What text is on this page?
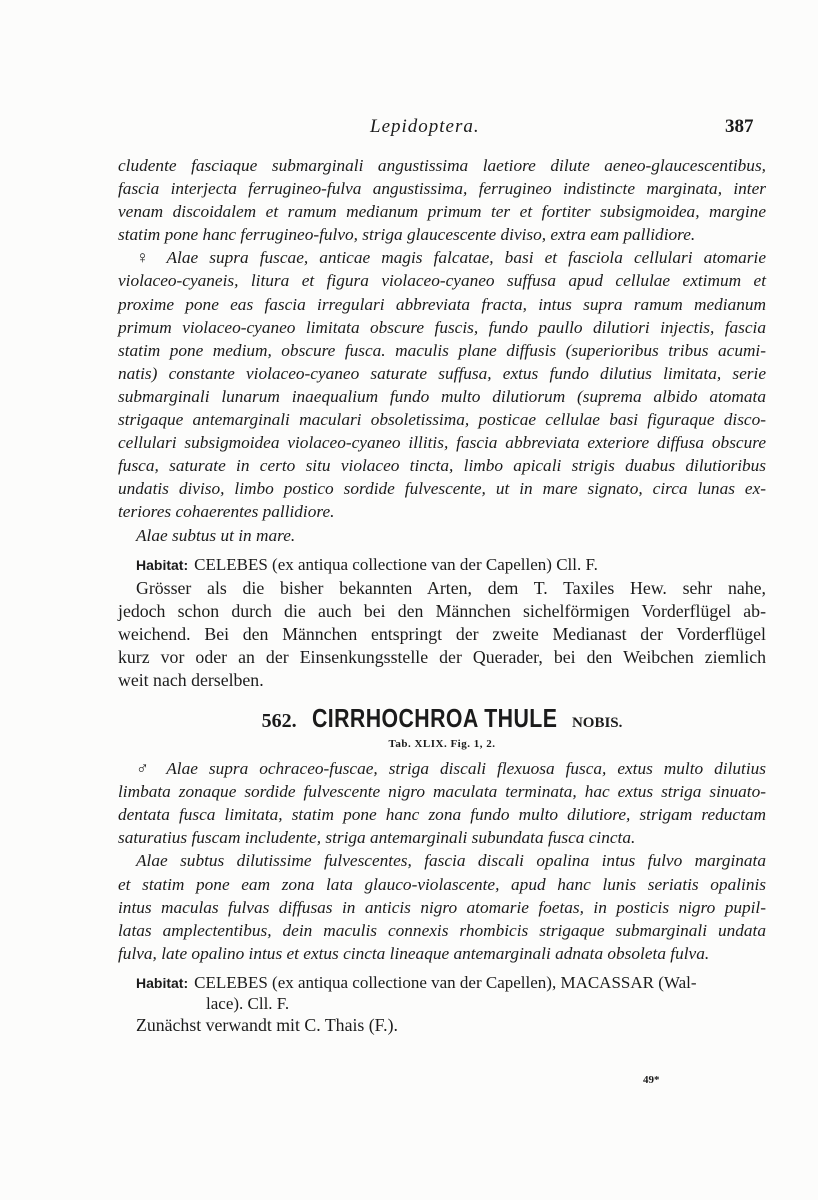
Lepidoptera.	387
cludente fasciaque submarginali angustissima laetiore dilute aeneo-glaucescentibus,
fascia interjecta ferrugineo-fulva angustissima, ferrugineo indistincte marginata, inter
venam discoidalem et ramum medianum primum ter et fortiter subsigmoidea, margine
statim pone hanc ferrugineo-fulvo, striga glaucescente diviso, extra eam pallidiore.
♀ Alae supra fuscae, anticae magis falcatae, basi et fasciola cellulari atomarie
violaceo-cyaneis, litura et figura violaceo-cyaneo suffusa apud cellulae extimum et
proxime pone eas fascia irregulari abbreviata fracta, intus supra ramum medianum
primum violaceo-cyaneo limitata obscure fuscis, fundo paullo dilutiori injectis, fascia
statim pone medium, obscure fusca. maculis plane diffusis (superioribus tribus acumi-
natis) constante violaceo-cyaneo saturate suffusa, extus fundo dilutius limitata, serie
submarginali lunarum inaequalium fundo multo dilutiorum (suprema albido atomata
strigaque antemarginali maculari obsoletissima, posticae cellulae basi figuraque disco-
cellulari subsigmoidea violaceo-cyaneo illitis, fascia abbreviata exteriore diffusa obscure
fusca, saturate in certo situ violaceo tincta, limbo apicali strigis duabus dilutioribus
undatis diviso, limbo postico sordide fulvescente, ut in mare signato, circa lunas ex-
teriores cohaerentes pallidiore.
Alae subtus ut in mare.
Habitat: CELEBES (ex antiqua collectione van der Capellen) Cll. F.
Grösser als die bisher bekannten Arten, dem T. Taxiles Hew. sehr nahe,
jedoch schon durch die auch bei den Männchen sichelförmigen Vorderflügel ab-
weichend. Bei den Männchen entspringt der zweite Medianast der Vorderflügel
kurz vor oder an der Einsenkungsstelle der Querader, bei den Weibchen ziemlich
weit nach derselben.
562. CIRRHOCHROA THULE NOBIS.
Tab. XLIX. Fig. 1, 2.
♂ Alae supra ochraceo-fuscae, striga discali flexuosa fusca, extus multo dilutius
limbata zonaque sordide fulvescente nigro maculata terminata, hac extus striga sinuato-
dentata fusca limitata, statim pone hanc zona fundo multo dilutiore, strigam reductam
saturatius fuscam includente, striga antemarginali subundata fusca cincta.
Alae subtus dilutissime fulvescentes, fascia discali opalina intus fulvo marginata
et statim pone eam zona lata glauco-violascente, apud hanc lunis seriatis opalinis
intus maculas fulvas diffusas in anticis nigro atomarie foetas, in posticis nigro pupil-
latas amplectentibus, dein maculis connexis rhombicis strigaque submarginali undata
fulva, late opalino intus et extus cincta lineaque antemarginali adnata obsoleta fulva.
Habitat: CELEBES (ex antiqua collectione van der Capellen), MACASSAR (Wal-
lace). Cll. F.
Zunächst verwandt mit C. Thais (F.).
49*
